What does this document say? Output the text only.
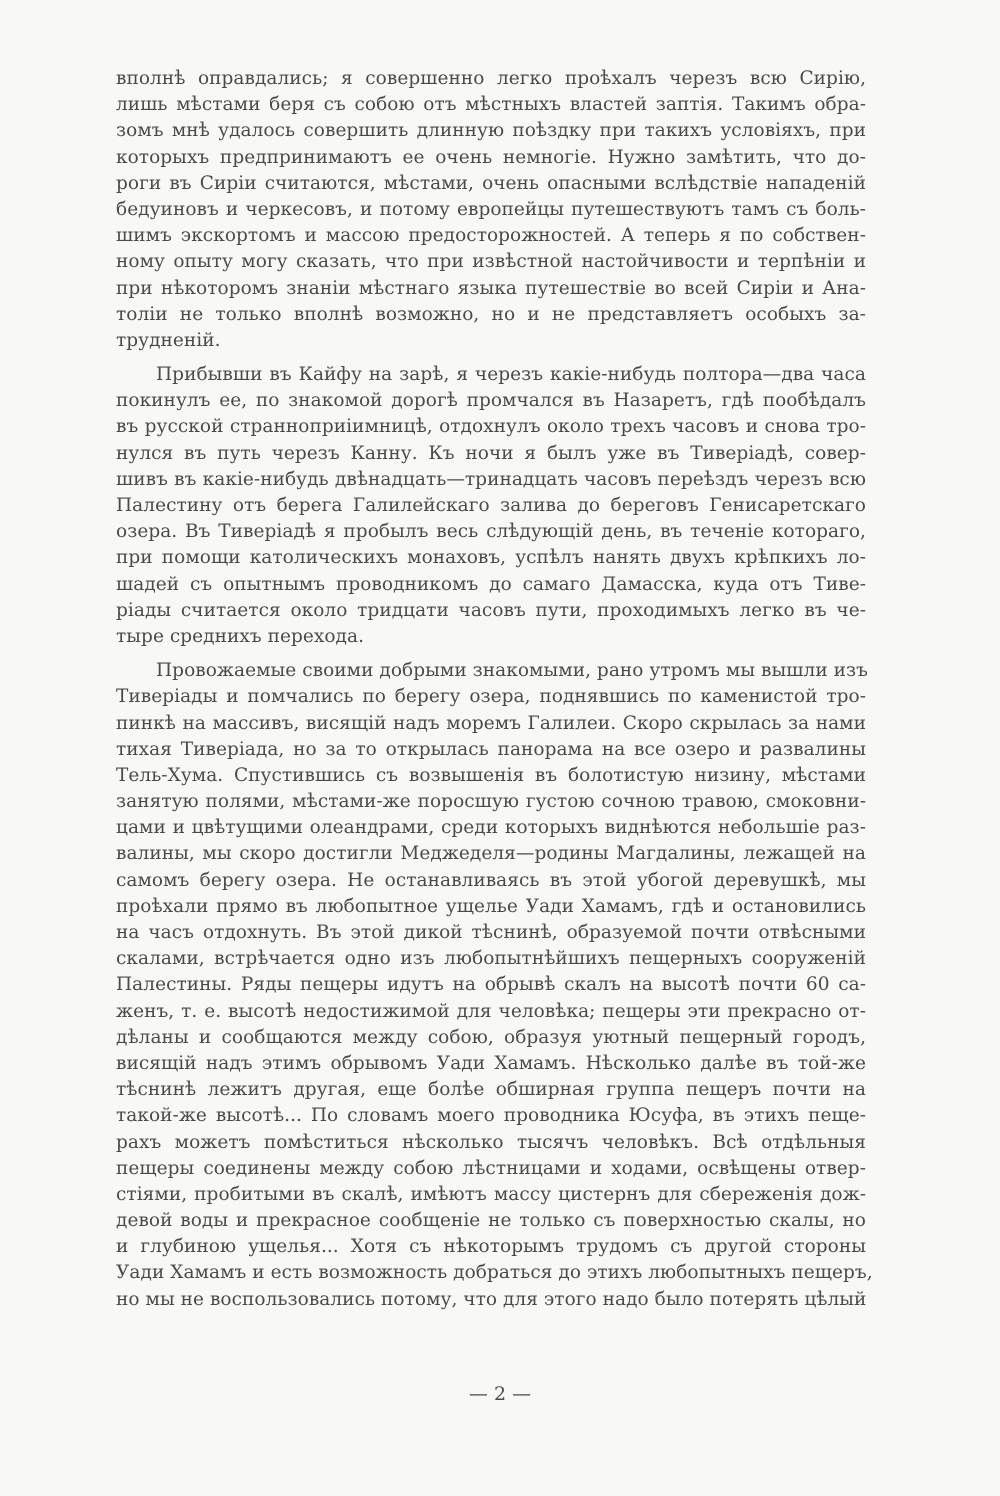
вполнѣ оправдались; я совершенно легко проѣхалъ черезъ всю Сирію,
лишь мѣстами беря съ собою отъ мѣстныхъ властей заптія. Такимъ обра-
зомъ мнѣ удалось совершить длинную поѣздку при такихъ условіяхъ, при
которыхъ предпринимаютъ ее очень немногіе. Нужно замѣтить, что до-
роги въ Сиріи считаются, мѣстами, очень опасными вслѣдствіе нападеній
бедуиновъ и черкесовъ, и потому европейцы путешествуютъ тамъ съ боль-
шимъ экскортомъ и массою предосторожностей. А теперь я по собствен-
ному опыту могу сказать, что при извѣстной настойчивости и терпѣніи и
при нѣкоторомъ знаніи мѣстнаго языка путешествіе во всей Сиріи и Ана-
толіи не только вполнѣ возможно, но и не представляетъ особыхъ за-
трудненій.
Прибывши въ Кайфу на зарѣ, я черезъ какіе-нибудь полтора—два часа
покинулъ ее, по знакомой дорогѣ промчался въ Назаретъ, гдѣ пообѣдалъ
въ русской странноприіимницѣ, отдохнулъ около трехъ часовъ и снова тро-
нулся въ путь черезъ Канну. Къ ночи я былъ уже въ Тиверіадѣ, совер-
шивъ въ какіе-нибудь двѣнадцать—тринадцать часовъ переѣздъ черезъ всю
Палестину отъ берега Галилейскаго залива до береговъ Генисаретскаго
озера. Въ Тиверіадѣ я пробылъ весь слѣдующій день, въ теченіе котораго,
при помощи католическихъ монаховъ, успѣлъ нанять двухъ крѣпкихъ ло-
шадей съ опытнымъ проводникомъ до самаго Дамасска, куда отъ Тиве-
ріады считается около тридцати часовъ пути, проходимыхъ легко въ че-
тыре среднихъ перехода.
Провожаемые своими добрыми знакомыми, рано утромъ мы вышли изъ
Тиверіады и помчались по берегу озера, поднявшись по каменистой тро-
пинкѣ на массивъ, висящій надъ моремъ Галилеи. Скоро скрылась за нами
тихая Тиверіада, но за то открылась панорама на все озеро и развалины
Тель-Хума. Спустившись съ возвышенія въ болотистую низину, мѣстами
занятую полями, мѣстами-же поросшую густою сочною травою, смоковни-
цами и цвѣтущими олеандрами, среди которыхъ виднѣются небольшіе раз-
валины, мы скоро достигли Меджеделя—родины Магдалины, лежащей на
самомъ берегу озера. Не останавливаясь въ этой убогой деревушкѣ, мы
проѣхали прямо въ любопытное ущелье Уади Хамамъ, гдѣ и остановились
на часъ отдохнуть. Въ этой дикой тѣснинѣ, образуемой почти отвѣсными
скалами, встрѣчается одно изъ любопытнѣйшихъ пещерныхъ сооруженій
Палестины. Ряды пещеры идутъ на обрывѣ скалъ на высотѣ почти 60 са-
женъ, т. е. высотѣ недостижимой для человѣка; пещеры эти прекрасно от-
дѣланы и сообщаются между собою, образуя уютный пещерный городъ,
висящій надъ этимъ обрывомъ Уади Хамамъ. Нѣсколько далѣе въ той-же
тѣснинѣ лежитъ другая, еще болѣе обширная группа пещеръ почти на
такой-же высотѣ... По словамъ моего проводника Юсуфа, въ этихъ пеще-
рахъ можетъ помѣститься нѣсколько тысячъ человѣкъ. Всѣ отдѣльныя
пещеры соединены между собою лѣстницами и ходами, освѣщены отвер-
стіями, пробитыми въ скалѣ, имѣютъ массу цистернъ для сбереженія дож-
девой воды и прекрасное сообщеніе не только съ поверхностью скалы, но
и глубиною ущелья... Хотя съ нѣкоторымъ трудомъ съ другой стороны
Уади Хамамъ и есть возможность добраться до этихъ любопытныхъ пещеръ,
но мы не воспользовались потому, что для этого надо было потерять цѣлый
— 2 —
